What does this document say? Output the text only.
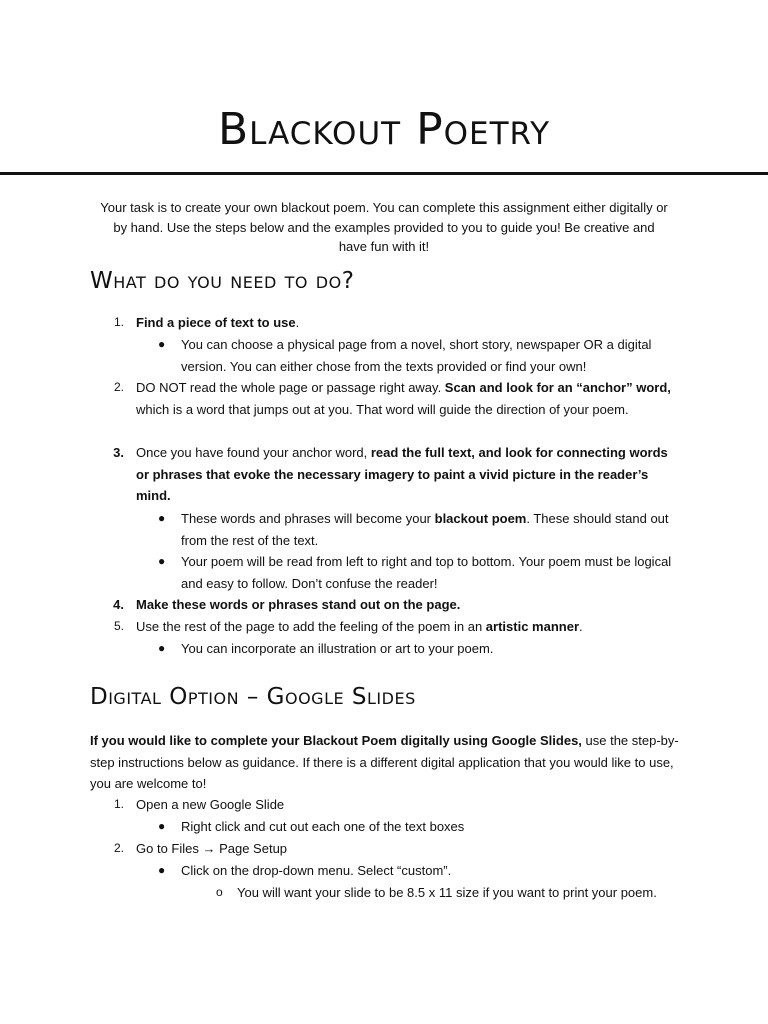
Blackout Poetry
Your task is to create your own blackout poem. You can complete this assignment either digitally or by hand. Use the steps below and the examples provided to you to guide you! Be creative and have fun with it!
What do you need to do?
1. Find a piece of text to use.
● You can choose a physical page from a novel, short story, newspaper OR a digital version. You can either chose from the texts provided or find your own!
2. DO NOT read the whole page or passage right away. Scan and look for an “anchor” word, which is a word that jumps out at you. That word will guide the direction of your poem.
3. Once you have found your anchor word, read the full text, and look for connecting words or phrases that evoke the necessary imagery to paint a vivid picture in the reader’s mind.
● These words and phrases will become your blackout poem. These should stand out from the rest of the text.
● Your poem will be read from left to right and top to bottom. Your poem must be logical and easy to follow. Don’t confuse the reader!
4. Make these words or phrases stand out on the page.
5. Use the rest of the page to add the feeling of the poem in an artistic manner.
● You can incorporate an illustration or art to your poem.
Digital Option – Google Slides
If you would like to complete your Blackout Poem digitally using Google Slides, use the step-by-step instructions below as guidance. If there is a different digital application that you would like to use, you are welcome to!
1. Open a new Google Slide
● Right click and cut out each one of the text boxes
2. Go to Files → Page Setup
● Click on the drop-down menu. Select “custom”.
o You will want your slide to be 8.5 x 11 size if you want to print your poem.
